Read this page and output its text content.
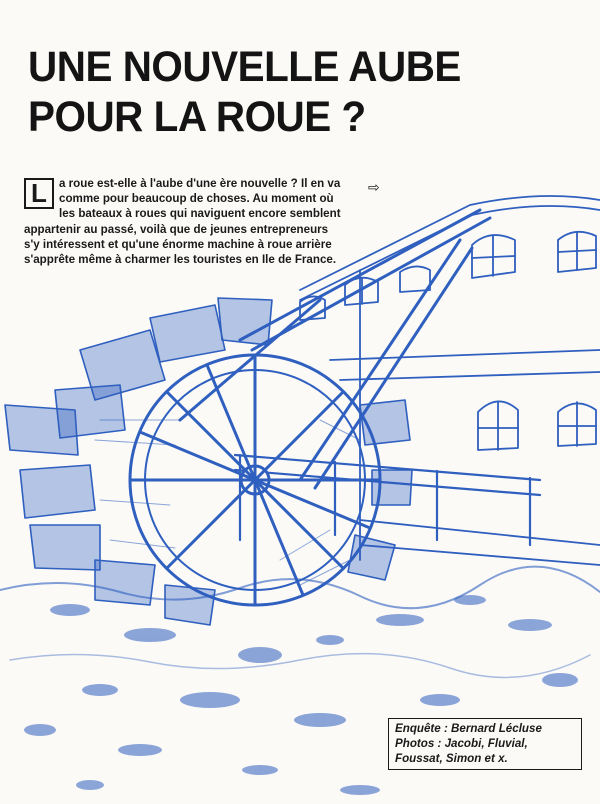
UNE NOUVELLE AUBE
POUR LA ROUE ?
L	a roue est-elle à l'aube d'une ère nouvelle ? Il en va comme pour beaucoup de choses. Au moment où les bateaux à roues qui naviguent encore semblent appartenir au passé, voilà que de jeunes entrepreneurs s'y intéressent et qu'une énorme machine à roue arrière s'apprête même à charmer les touristes en Ile de France.
⇨
Enquête : Bernard Lécluse
Photos : Jacobi, Fluvial,
Foussat, Simon et x.
